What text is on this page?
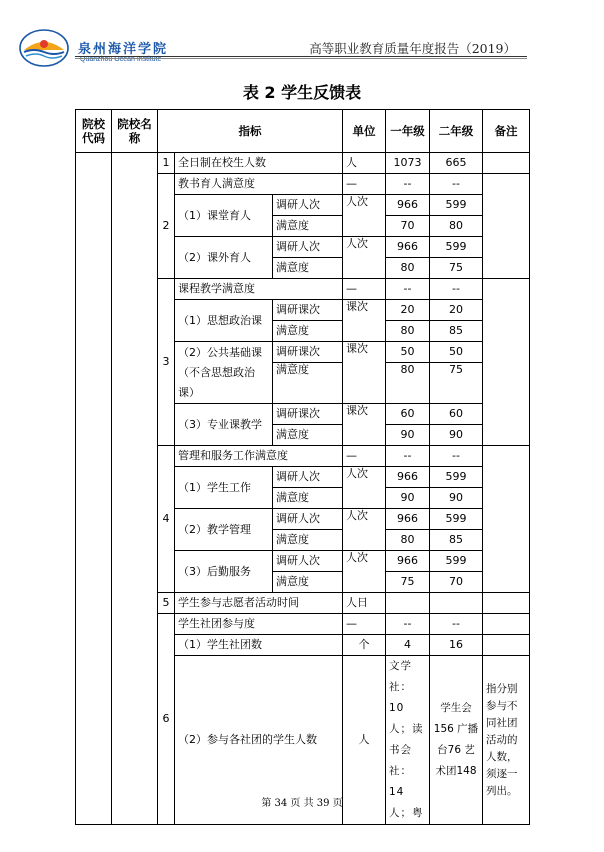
泉州海洋学院
Quanzhou Ocean Institute
高等职业教育质量年度报告（2019）
表 2 学生反馈表
院校代码	院校名称	指标			单位	一年级	二年级	备注
		1	全日制在校生人数		人	1073	665	
		2	教书育人满意度		—	--	--	
			（1）课堂育人	调研人次	人次	966	599	
				满意度		70	80	
			（2）课外育人	调研人次	人次	966	599	
				满意度		80	75	
		3	课程教学满意度		—	--	--	
			（1）思想政治课	调研课次	课次	20	20	
				满意度		80	85	
			（2）公共基础课（不含思想政治课）	调研课次	课次	50	50	
				满意度		80	75	
			（3）专业课教学	调研课次	课次	60	60	
				满意度		90	90	
		4	管理和服务工作满意度		—	--	--	
			（1）学生工作	调研人次	人次	966	599	
				满意度		90	90	
			（2）教学管理	调研人次	人次	966	599	
				满意度		80	85	
			（3）后勤服务	调研人次	人次	966	599	
				满意度		75	70	
		5	学生参与志愿者活动时间		人日			
		6	学生社团参与度		—	--	--	
			（1）学生社团数		个	4	16	
			（2）参与各社团的学生人数		人	文学社：10人；读书会社：14人；粤	学生会156 广播台76 艺术团148	指分别参与不同社团活动的人数，须逐一列出。
第 34 页 共 39 页
